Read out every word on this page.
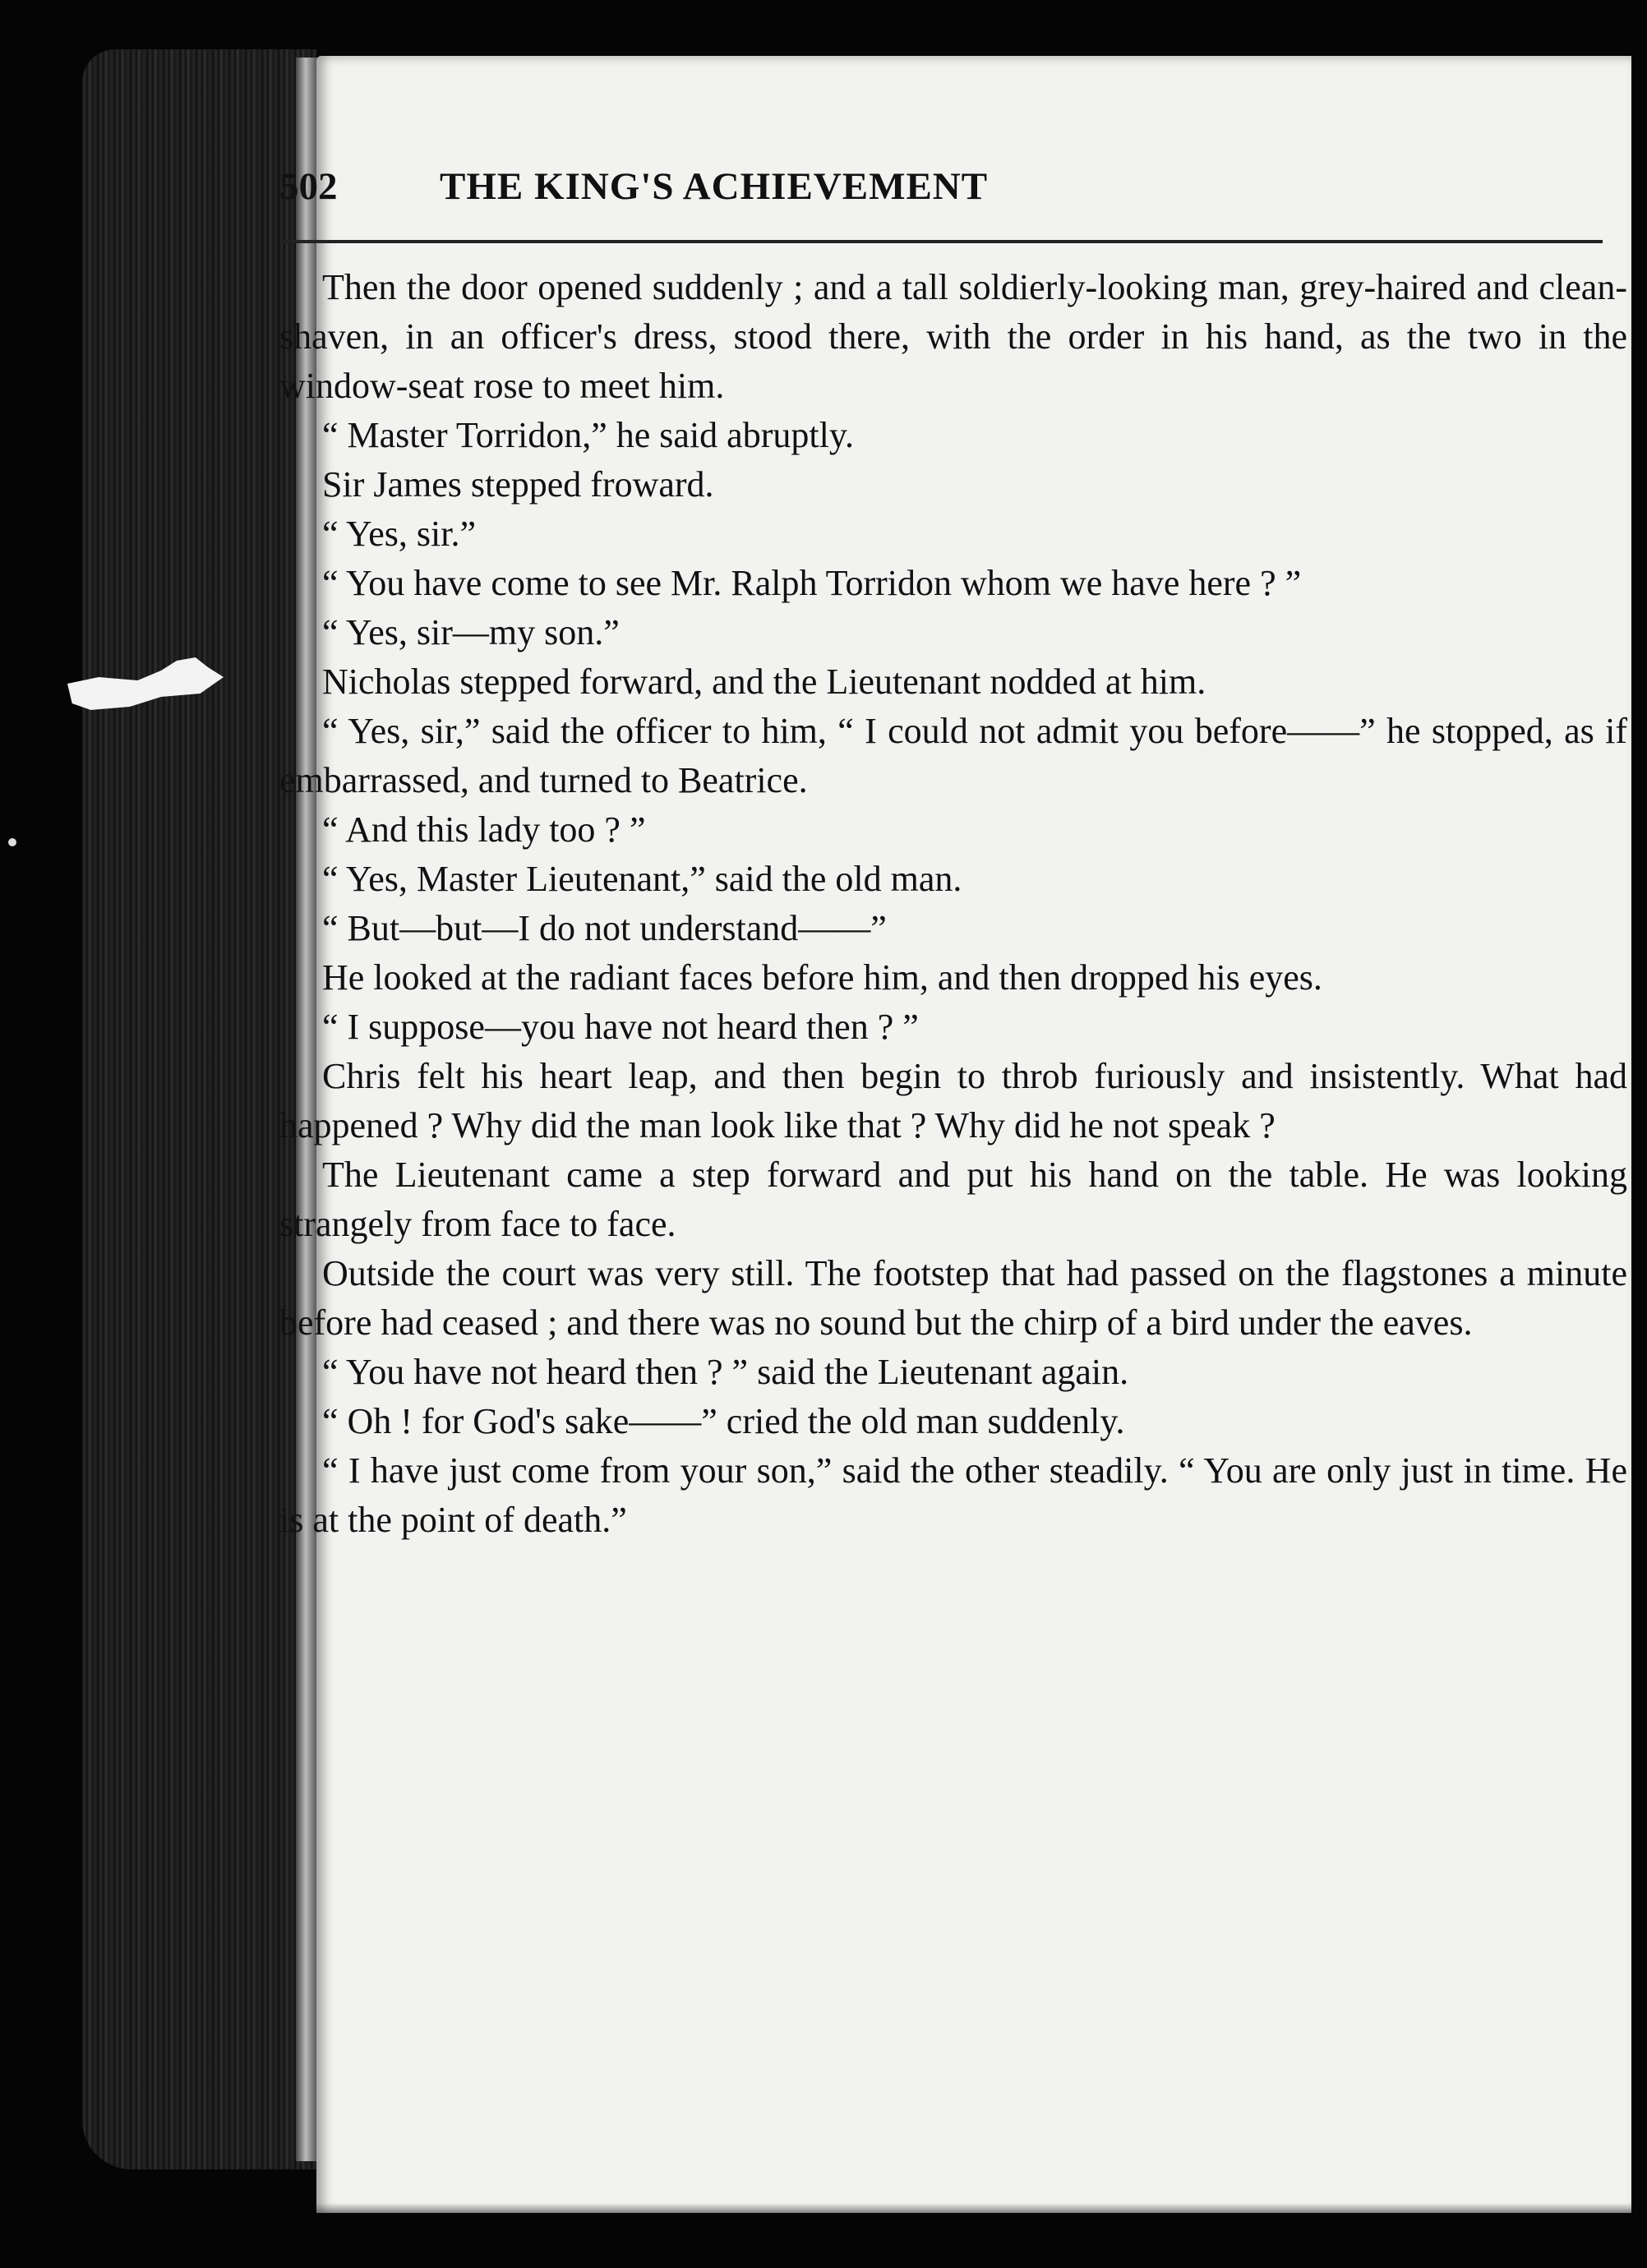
502	THE KING'S ACHIEVEMENT

Then the door opened suddenly ; and a tall soldierly-looking man, grey-haired and clean-shaven, in an officer's dress, stood there, with the order in his hand, as the two in the window-seat rose to meet him.

“ Master Torridon,” he said abruptly.

Sir James stepped froward.

“ Yes, sir.”

“ You have come to see Mr. Ralph Torridon whom we have here ? ”

“ Yes, sir—my son.”

Nicholas stepped forward, and the Lieutenant nodded at him.

“ Yes, sir,” said the officer to him, “ I could not admit you before——” he stopped, as if embarrassed, and turned to Beatrice.

“ And this lady too ? ”

“ Yes, Master Lieutenant,” said the old man.

“ But—but—I do not understand——”

He looked at the radiant faces before him, and then dropped his eyes.

“ I suppose—you have not heard then ? ”

Chris felt his heart leap, and then begin to throb furiously and insistently. What had happened ? Why did the man look like that ? Why did he not speak ?

The Lieutenant came a step forward and put his hand on the table. He was looking strangely from face to face.

Outside the court was very still. The footstep that had passed on the flagstones a minute before had ceased ; and there was no sound but the chirp of a bird under the eaves.

“ You have not heard then ? ” said the Lieutenant again.

“ Oh ! for God's sake——” cried the old man suddenly.

“ I have just come from your son,” said the other steadily. “ You are only just in time. He is at the point of death.”
